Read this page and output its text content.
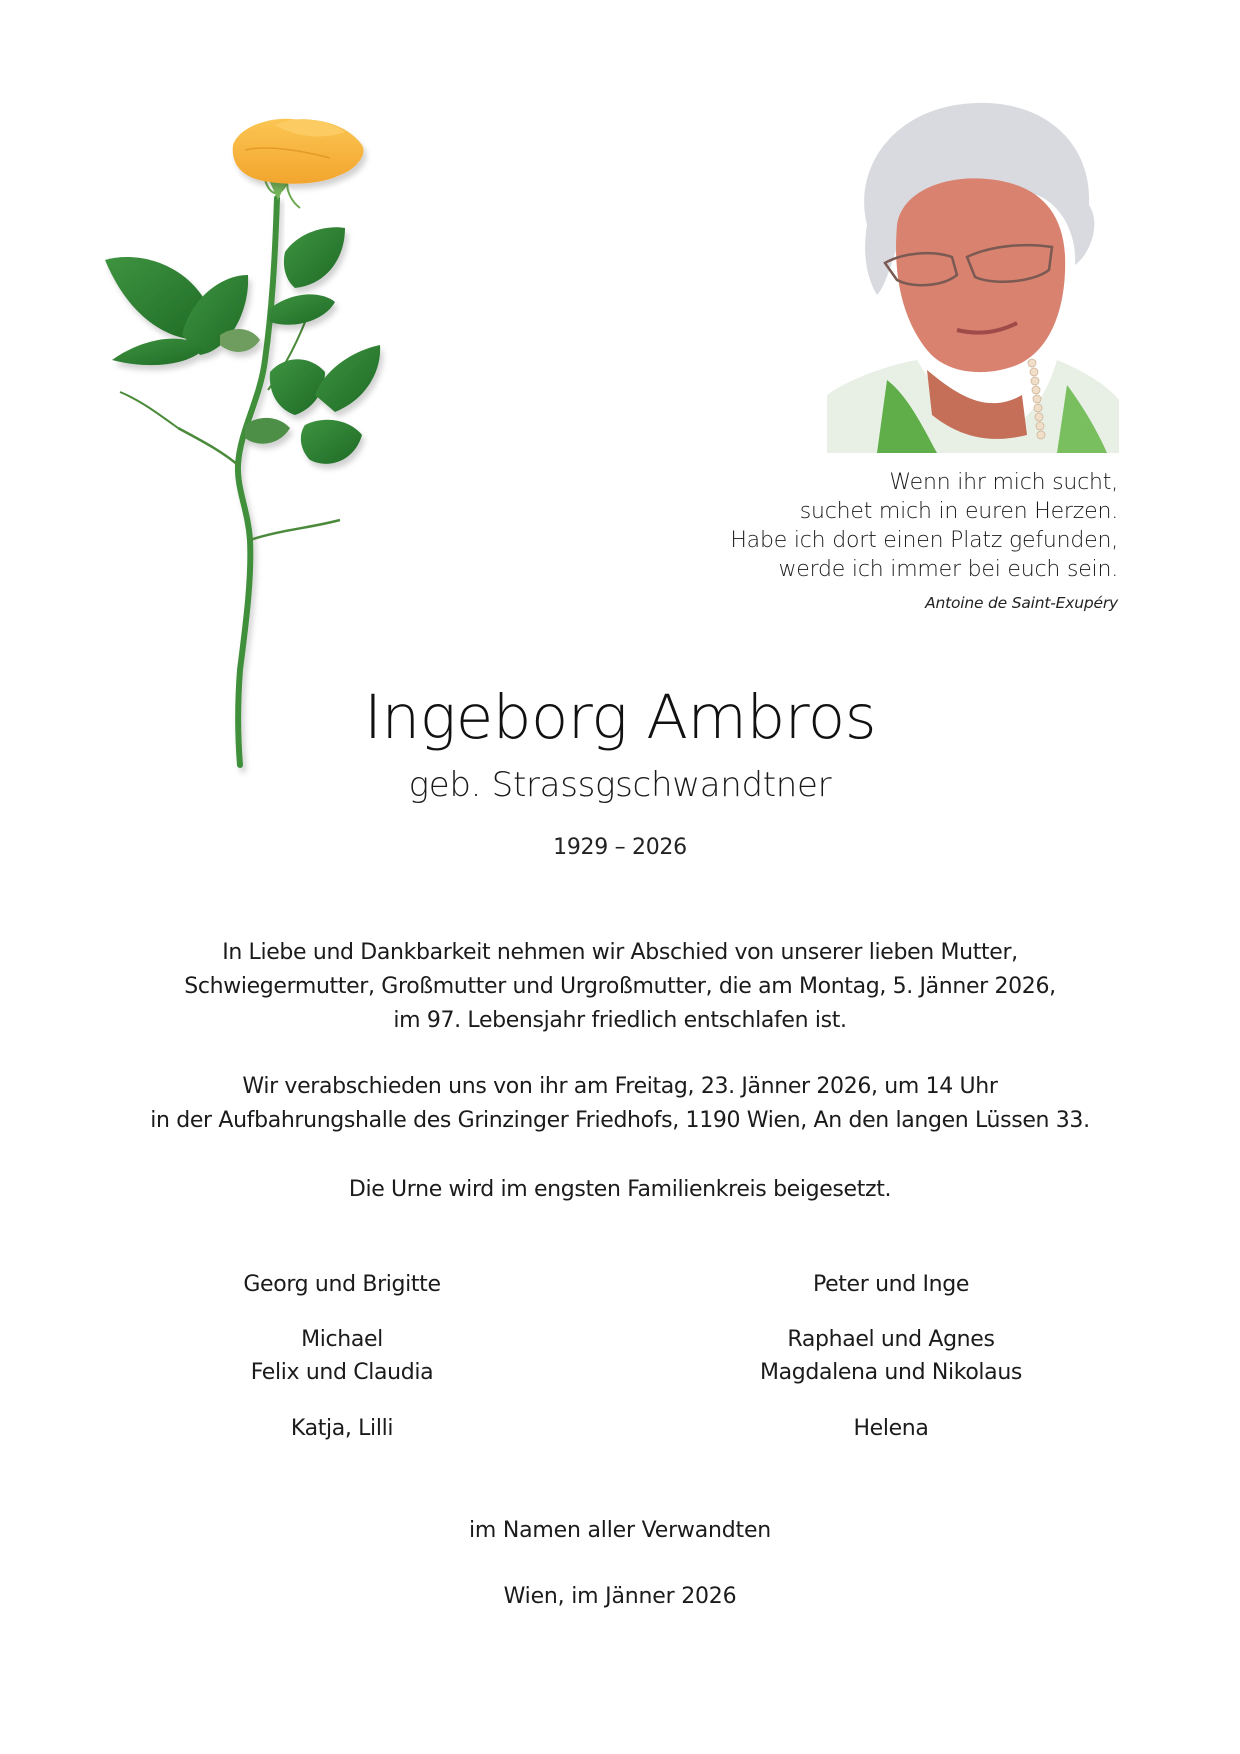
Wenn ihr mich sucht,
suchet mich in euren Herzen.
Habe ich dort einen Platz gefunden,
werde ich immer bei euch sein.
Antoine de Saint-Exupéry
Ingeborg Ambros
geb. Strassgschwandtner
1929 – 2026
In Liebe und Dankbarkeit nehmen wir Abschied von unserer lieben Mutter,
Schwiegermutter, Großmutter und Urgroßmutter, die am Montag, 5. Jänner 2026,
im 97. Lebensjahr friedlich entschlafen ist.
Wir verabschieden uns von ihr am Freitag, 23. Jänner 2026, um 14 Uhr
in der Aufbahrungshalle des Grinzinger Friedhofs, 1190 Wien, An den langen Lüssen 33.
Die Urne wird im engsten Familienkreis beigesetzt.
Georg und Brigitte
Michael
Felix und Claudia
Katja, Lilli
Peter und Inge
Raphael und Agnes
Magdalena und Nikolaus
Helena
im Namen aller Verwandten
Wien, im Jänner 2026
